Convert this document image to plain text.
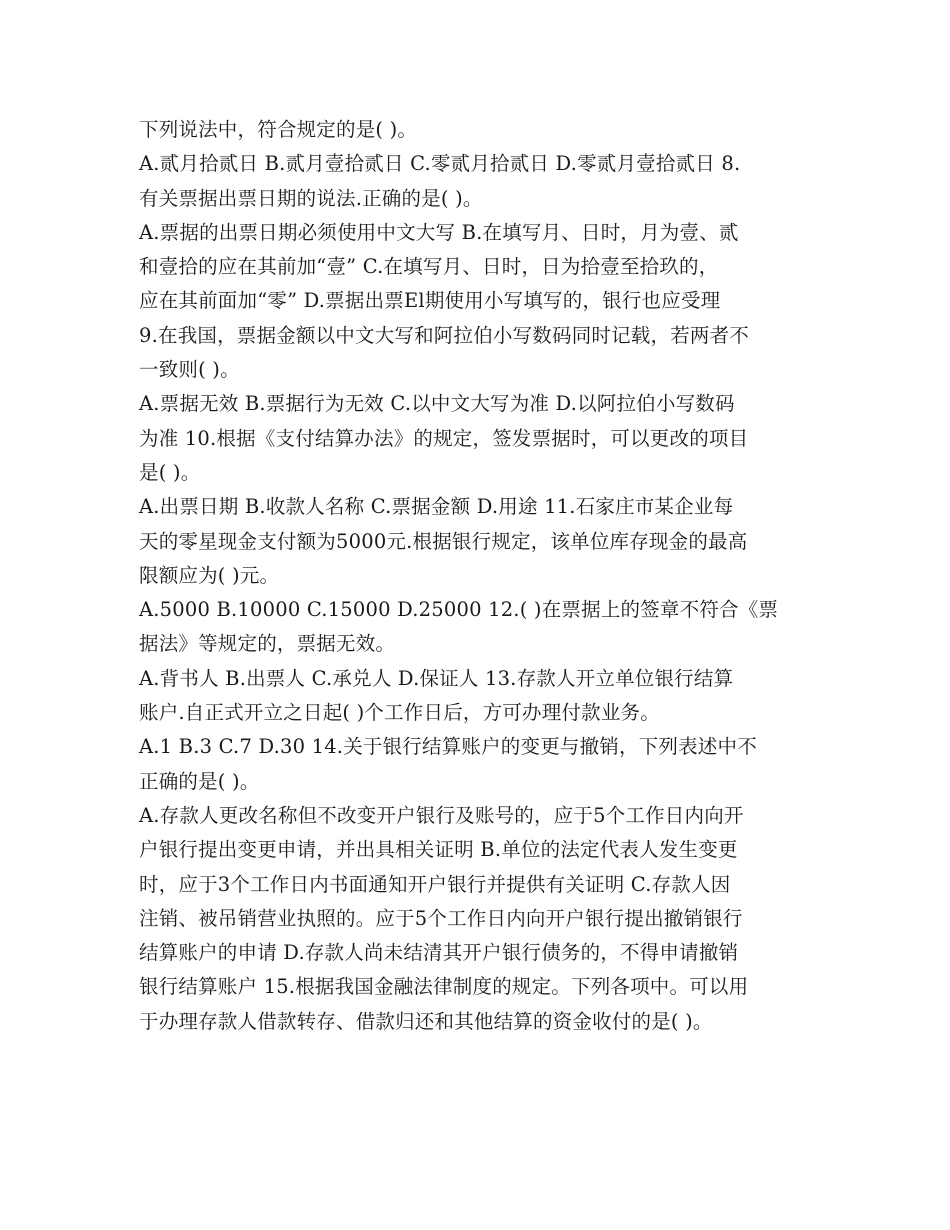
下列说法中，符合规定的是( )。
A.贰月拾贰日 B.贰月壹拾贰日 C.零贰月拾贰日 D.零贰月壹拾贰日 8.
有关票据出票日期的说法.正确的是( )。
A.票据的出票日期必须使用中文大写 B.在填写月、日时，月为壹、贰
和壹拾的应在其前加“壹” C.在填写月、日时，日为拾壹至拾玖的，
应在其前面加“零” D.票据出票El期使用小写填写的，银行也应受理
9.在我国，票据金额以中文大写和阿拉伯小写数码同时记载，若两者不
一致则( )。
A.票据无效 B.票据行为无效 C.以中文大写为准 D.以阿拉伯小写数码
为准 10.根据《支付结算办法》的规定，签发票据时，可以更改的项目
是( )。
A.出票日期 B.收款人名称 C.票据金额 D.用途 11.石家庄市某企业每
天的零星现金支付额为5000元.根据银行规定，该单位库存现金的最高
限额应为( )元。
A.5000 B.10000 C.15000 D.25000 12.( )在票据上的签章不符合《票
据法》等规定的，票据无效。
A.背书人 B.出票人 C.承兑人 D.保证人 13.存款人开立单位银行结算
账户.自正式开立之日起( )个工作日后，方可办理付款业务。
A.1 B.3 C.7 D.30 14.关于银行结算账户的变更与撤销，下列表述中不
正确的是( )。
A.存款人更改名称但不改变开户银行及账号的，应于5个工作日内向开
户银行提出变更申请，并出具相关证明 B.单位的法定代表人发生变更
时，应于3个工作日内书面通知开户银行并提供有关证明 C.存款人因
注销、被吊销营业执照的。应于5个工作日内向开户银行提出撤销银行
结算账户的申请 D.存款人尚未结清其开户银行债务的，不得申请撤销
银行结算账户 15.根据我国金融法律制度的规定。下列各项中。可以用
于办理存款人借款转存、借款归还和其他结算的资金收付的是( )。
